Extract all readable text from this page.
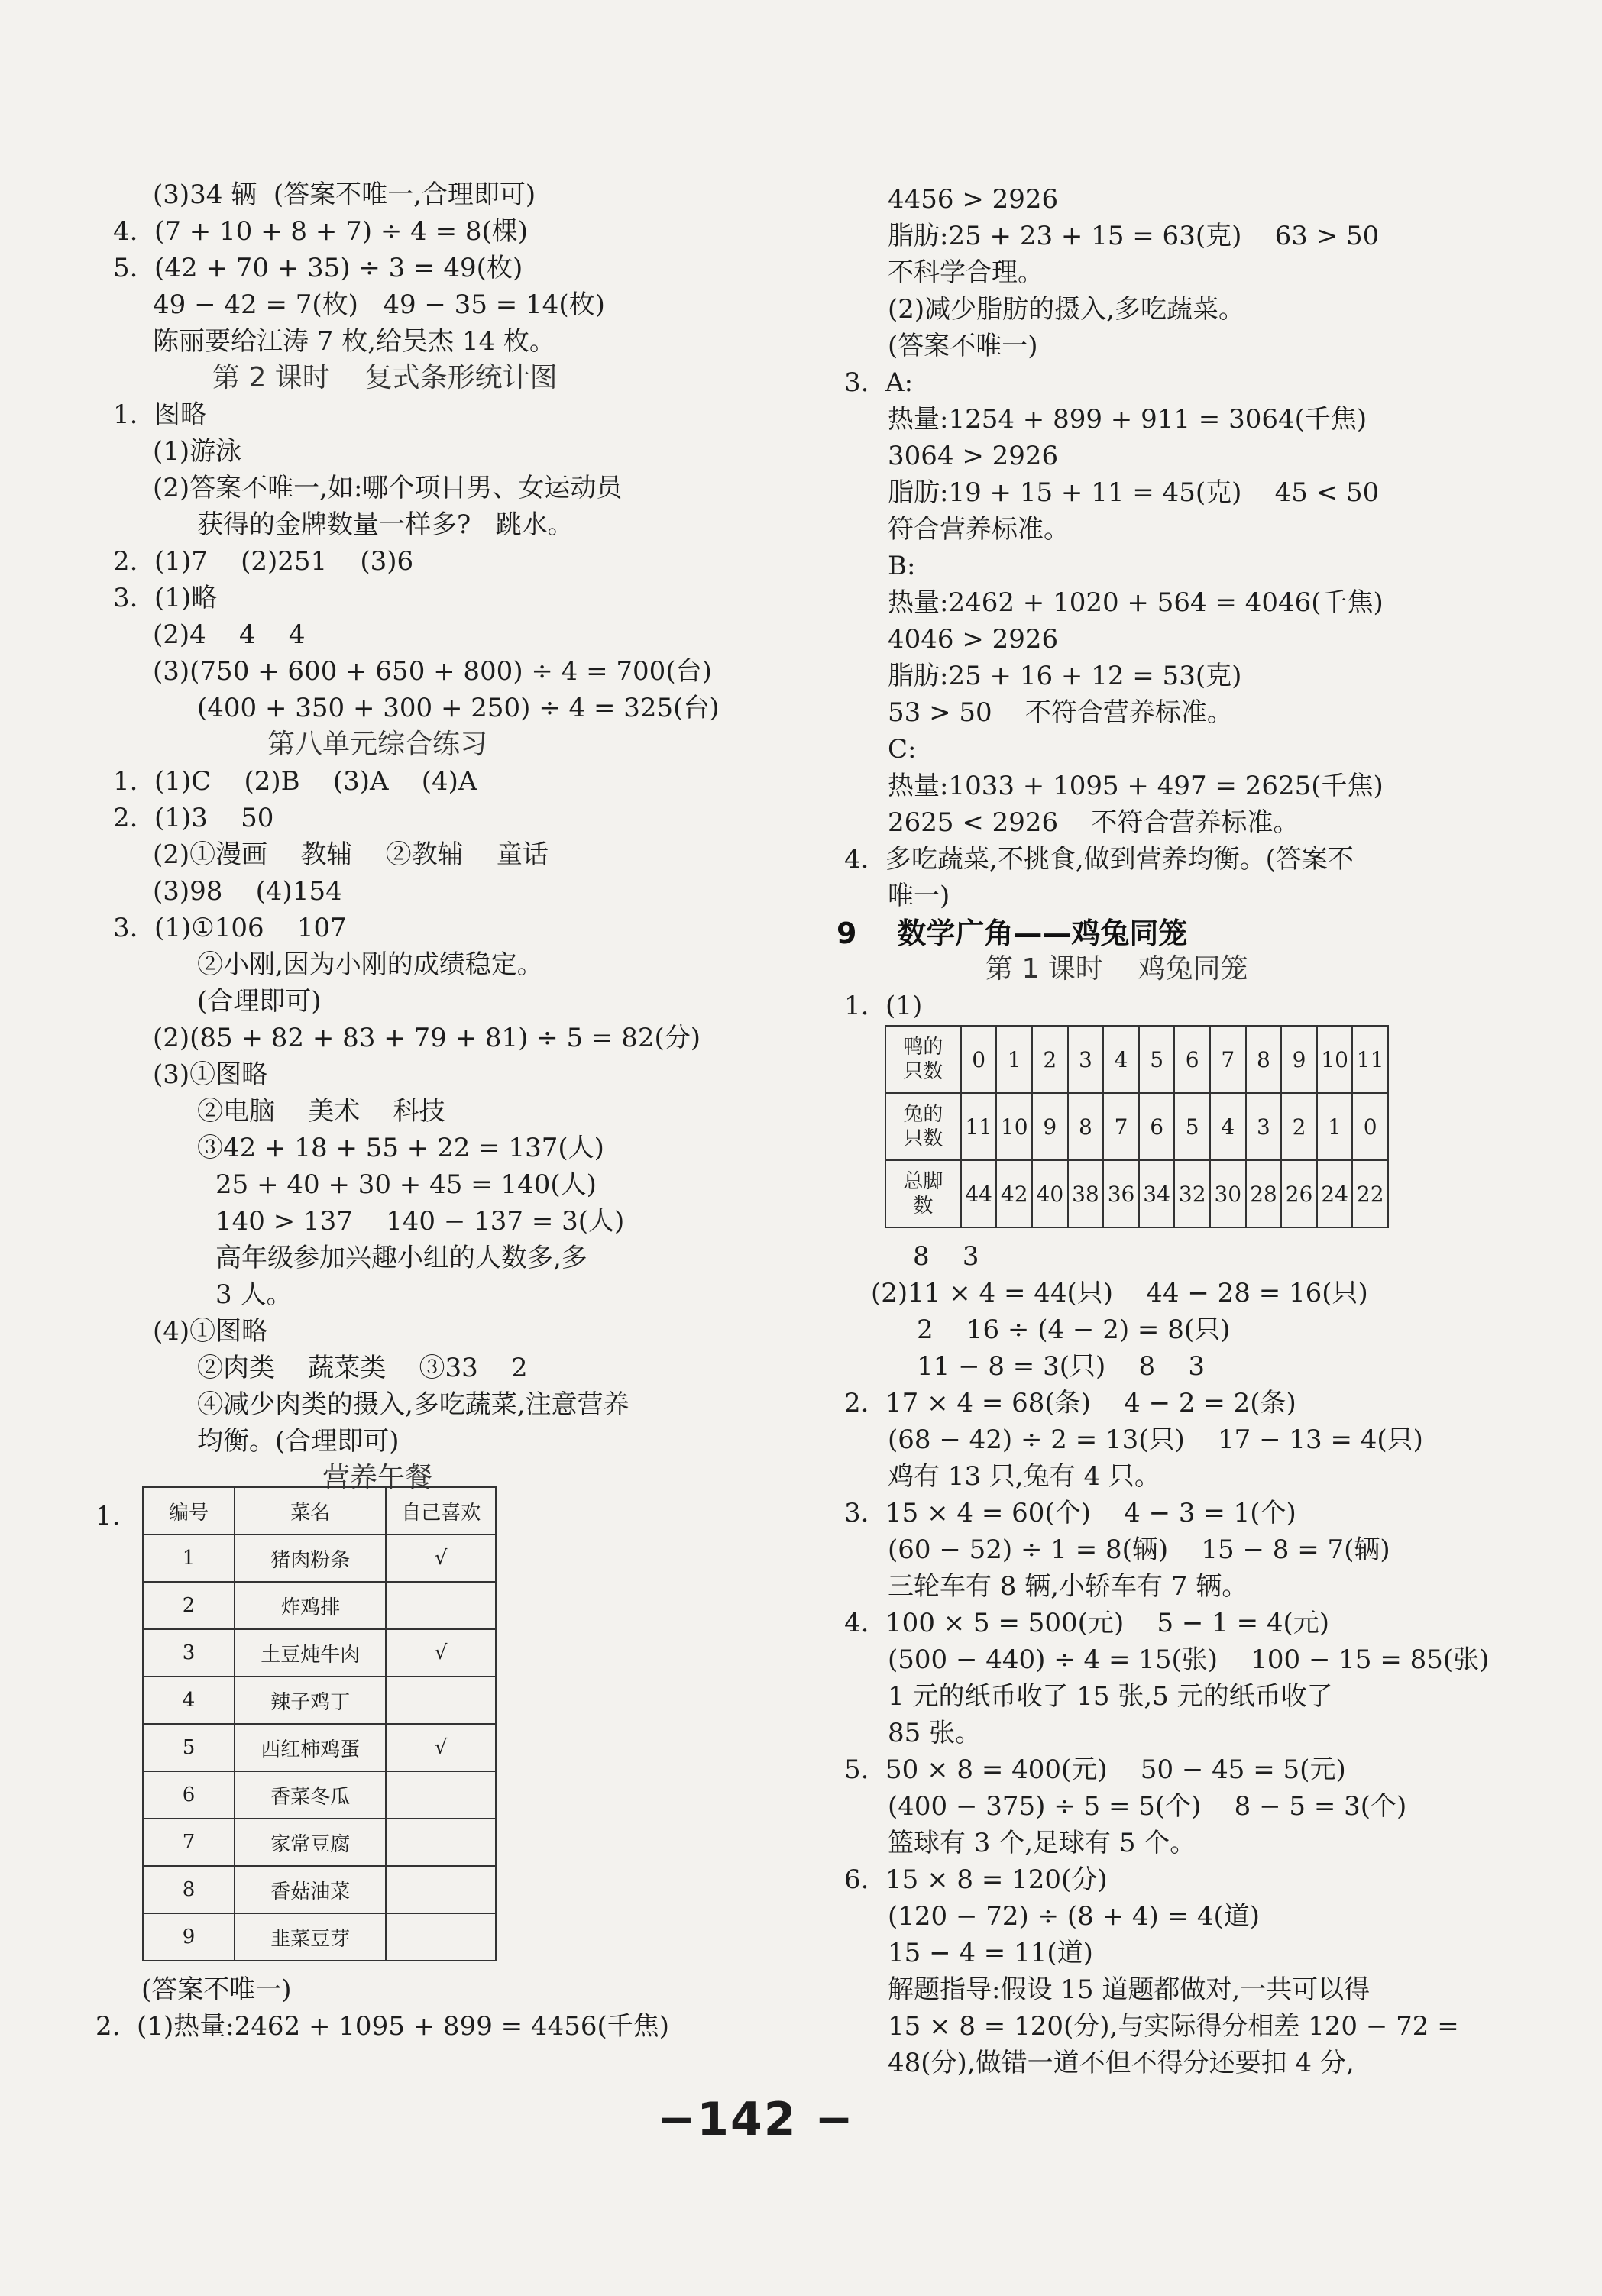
(3)34 辆  (答案不唯一,合理即可)
4.  (7 + 10 + 8 + 7) ÷ 4 = 8(棵)
5.  (42 + 70 + 35) ÷ 3 = 49(枚)
49 − 42 = 7(枚)   49 − 35 = 14(枚)
陈丽要给江涛 7 枚,给吴杰 14 枚。
第 2 课时    复式条形统计图
1.  图略
(1)游泳
(2)答案不唯一,如:哪个项目男、女运动员
获得的金牌数量一样多?   跳水。
2.  (1)7    (2)251    (3)6
3.  (1)略
(2)4    4    4
(3)(750 + 600 + 650 + 800) ÷ 4 = 700(台)
(400 + 350 + 300 + 250) ÷ 4 = 325(台)
第八单元综合练习
1.  (1)C    (2)B    (3)A    (4)A
2.  (1)3    50
(2)①漫画    教辅    ②教辅    童话
(3)98    (4)154
3.  (1)①106    107
②小刚,因为小刚的成绩稳定。
(合理即可)
(2)(85 + 82 + 83 + 79 + 81) ÷ 5 = 82(分)
(3)①图略
②电脑    美术    科技
③42 + 18 + 55 + 22 = 137(人)
25 + 40 + 30 + 45 = 140(人)
140 > 137    140 − 137 = 3(人)
高年级参加兴趣小组的人数多,多
3 人。
(4)①图略
②肉类    蔬菜类    ③33    2
④减少肉类的摄入,多吃蔬菜,注意营养
均衡。(合理即可)
营养午餐
1. 编号	菜名	自己喜欢
1	猪肉粉条	√
2	炸鸡排	
3	土豆炖牛肉	√
4	辣子鸡丁	
5	西红柿鸡蛋	√
6	香菜冬瓜	
7	家常豆腐	
8	香菇油菜	
9	韭菜豆芽	
(答案不唯一)
2.  (1)热量:2462 + 1095 + 899 = 4456(千焦)
4456 > 2926
脂肪:25 + 23 + 15 = 63(克)    63 > 50
不科学合理。
(2)减少脂肪的摄入,多吃蔬菜。
(答案不唯一)
3.  A:
热量:1254 + 899 + 911 = 3064(千焦)
3064 > 2926
脂肪:19 + 15 + 11 = 45(克)    45 < 50
符合营养标准。
B:
热量:2462 + 1020 + 564 = 4046(千焦)
4046 > 2926
脂肪:25 + 16 + 12 = 53(克)
53 > 50    不符合营养标准。
C:
热量:1033 + 1095 + 497 = 2625(千焦)
2625 < 2926    不符合营养标准。
4.  多吃蔬菜,不挑食,做到营养均衡。(答案不
唯一)
9    数学广角——鸡兔同笼
第 1 课时    鸡兔同笼
1.  (1)
鸭的
只数	0	1	2	3	4	5	6	7	8	9	10	11
兔的
只数	11	10	9	8	7	6	5	4	3	2	1	0
总脚
数	44	42	40	38	36	34	32	30	28	26	24	22
8    3
(2)11 × 4 = 44(只)    44 − 28 = 16(只)
2    16 ÷ (4 − 2) = 8(只)
11 − 8 = 3(只)    8    3
2.  17 × 4 = 68(条)    4 − 2 = 2(条)
(68 − 42) ÷ 2 = 13(只)    17 − 13 = 4(只)
鸡有 13 只,兔有 4 只。
3.  15 × 4 = 60(个)    4 − 3 = 1(个)
(60 − 52) ÷ 1 = 8(辆)    15 − 8 = 7(辆)
三轮车有 8 辆,小轿车有 7 辆。
4.  100 × 5 = 500(元)    5 − 1 = 4(元)
(500 − 440) ÷ 4 = 15(张)    100 − 15 = 85(张)
1 元的纸币收了 15 张,5 元的纸币收了
85 张。
5.  50 × 8 = 400(元)    50 − 45 = 5(元)
(400 − 375) ÷ 5 = 5(个)    8 − 5 = 3(个)
篮球有 3 个,足球有 5 个。
6.  15 × 8 = 120(分)
(120 − 72) ÷ (8 + 4) = 4(道)
15 − 4 = 11(道)
解题指导:假设 15 道题都做对,一共可以得
15 × 8 = 120(分),与实际得分相差 120 − 72 =
48(分),做错一道不但不得分还要扣 4 分,
−142 −
